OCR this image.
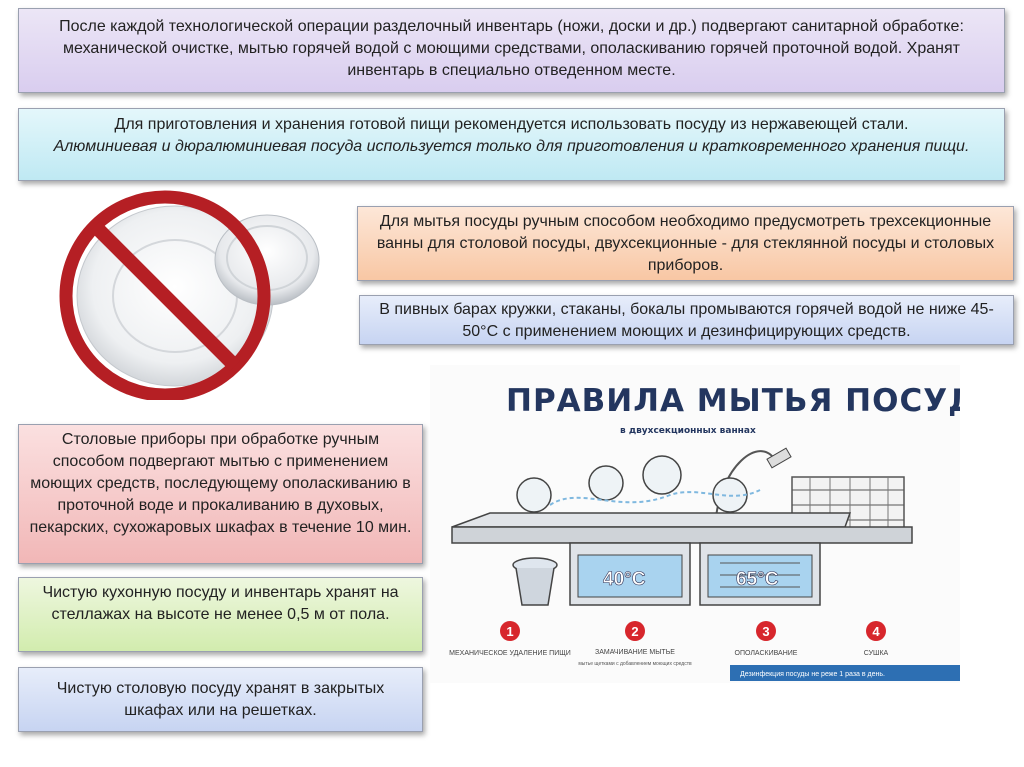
После каждой технологической операции разделочный инвентарь (ножи, доски и др.) подвергают санитарной обработке: механической очистке, мытью горячей водой с моющими средствами, ополаскиванию горячей проточной водой. Хранят инвентарь в специально отведенном месте.
Для приготовления и хранения готовой пищи рекомендуется использовать посуду из нержавеющей стали.
Алюминиевая и дюралюминиевая посуда используется только для приготовления и кратковременного хранения пищи.
Для мытья посуды ручным способом необходимо предусмотреть трехсекционные ванны для столовой посуды, двухсекционные - для стеклянной посуды и столовых приборов.
В пивных барах кружки, стаканы, бокалы промываются горячей водой не ниже 45-50°С с применением моющих и дезинфицирующих средств.
Столовые приборы при обработке ручным способом подвергают мытью с применением моющих средств, последующему ополаскиванию в проточной воде и прокаливанию в духовых, пекарских, сухожаровых шкафах в течение 10 мин.
Чистую кухонную посуду и инвентарь хранят на стеллажах на высоте не менее 0,5 м от пола.
Чистую столовую посуду хранят в закрытых шкафах или на решетках.
ПРАВИЛА МЫТЬЯ ПОСУДЫ
в двухсекционных ваннах
40°С	65°С
1
МЕХАНИЧЕСКОЕ УДАЛЕНИЕ ПИЩИ
2
ЗАМАЧИВАНИЕ МЫТЬЕ
мытье щетками с добавлением моющих средств
3
ОПОЛАСКИВАНИЕ
4
СУШКА
Дезинфекция посуды не реже 1 раза в день.
